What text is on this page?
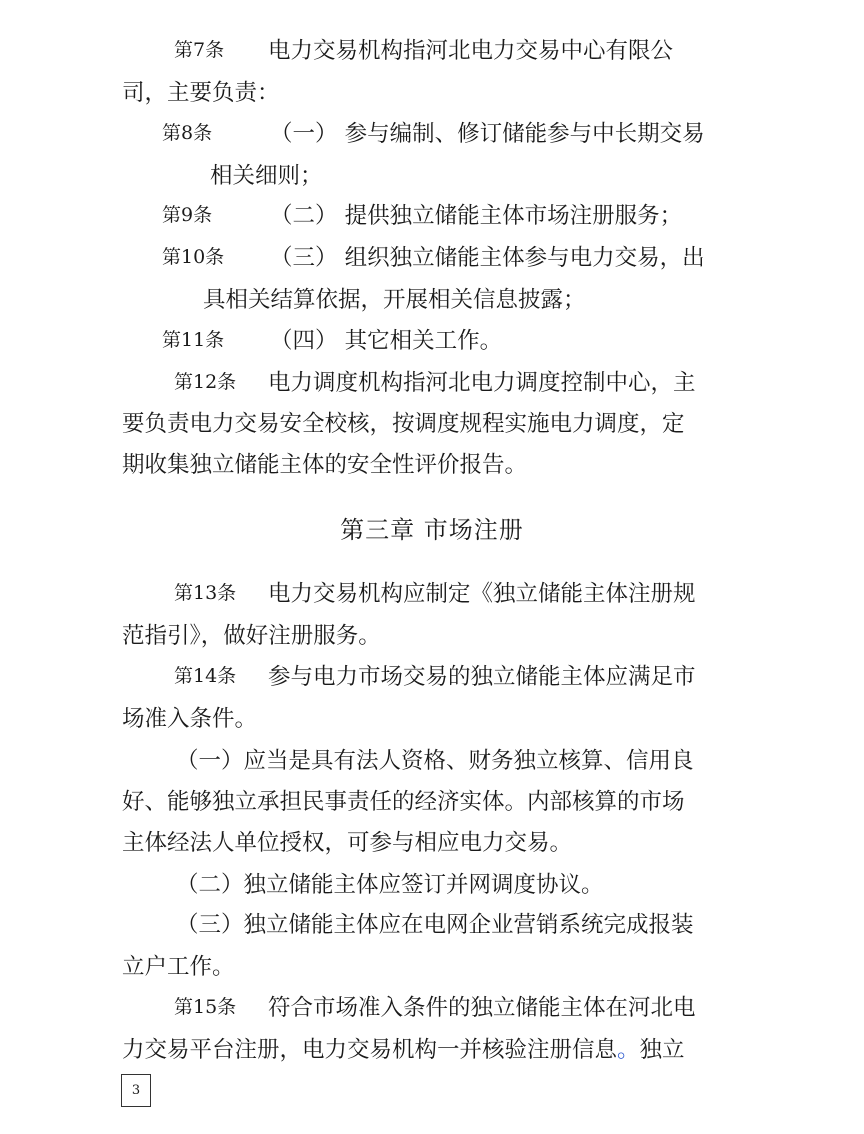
第7条 电力交易机构指河北电力交易中心有限公
司，主要负责：
第8条	（一） 参与编制、修订储能参与中长期交易
相关细则；
第9条	（二） 提供独立储能主体市场注册服务；
第10条 （三） 组织独立储能主体参与电力交易，出
具相关结算依据，开展相关信息披露；
第11条 （四） 其它相关工作。
第12条 电力调度机构指河北电力调度控制中心，主
要负责电力交易安全校核，按调度规程实施电力调度，定
期收集独立储能主体的安全性评价报告。
第三章 市场注册
第13条 电力交易机构应制定《独立储能主体注册规
范指引》，做好注册服务。
第14条 参与电力市场交易的独立储能主体应满足市
场准入条件。
（一）应当是具有法人资格、财务独立核算、信用良
好、能够独立承担民事责任的经济实体。内部核算的市场
主体经法人单位授权，可参与相应电力交易。
（二）独立储能主体应签订并网调度协议。
（三）独立储能主体应在电网企业营销系统完成报装
立户工作。
第15条 符合市场准入条件的独立储能主体在河北电
力交易平台注册，电力交易机构一并核验注册信息。独立
3
